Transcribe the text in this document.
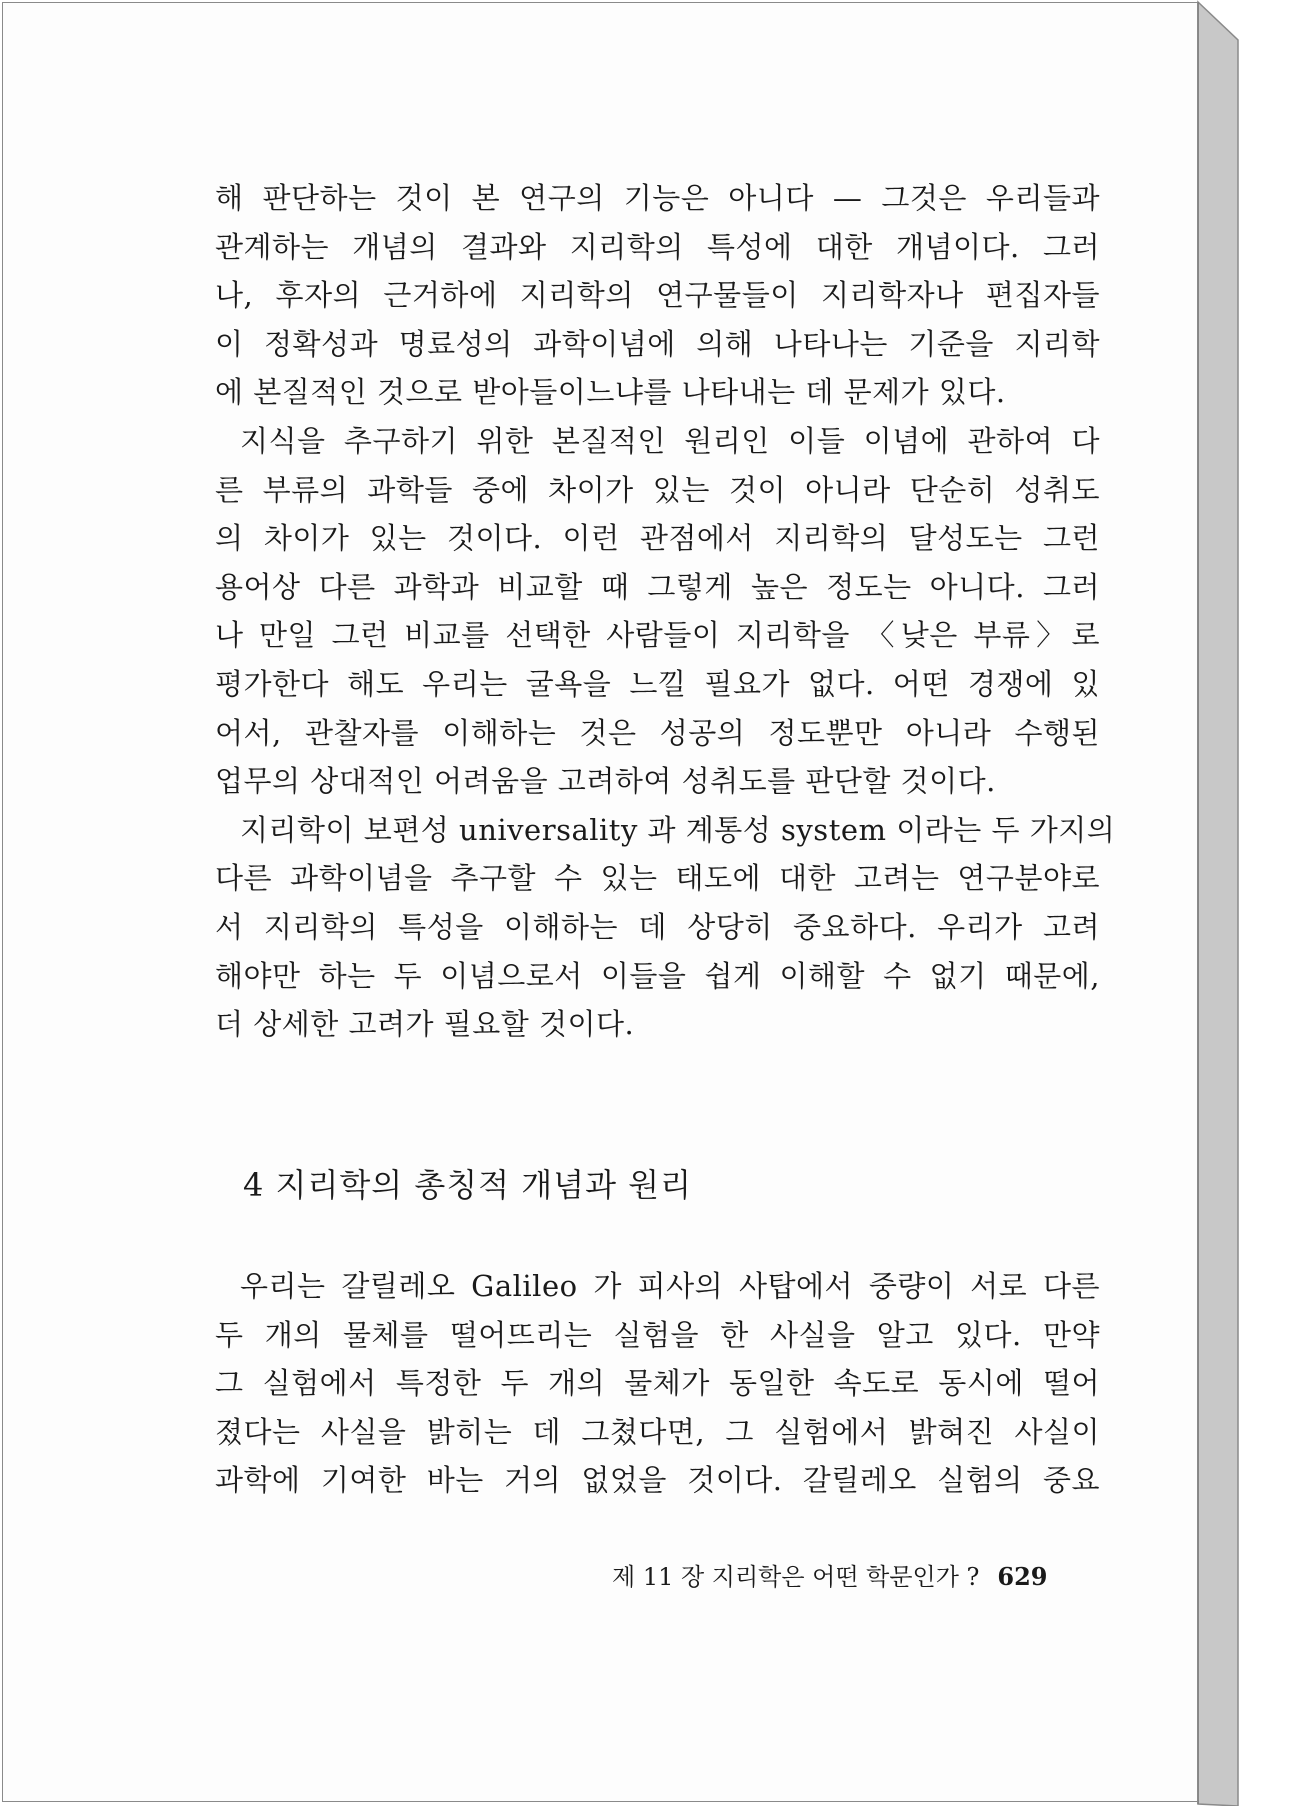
해 판단하는 것이 본 연구의 기능은 아니다 — 그것은 우리들과
관계하는 개념의 결과와 지리학의 특성에 대한 개념이다. 그러
나, 후자의 근거하에 지리학의 연구물들이 지리학자나 편집자들
이 정확성과 명료성의 과학이념에 의해 나타나는 기준을 지리학
에 본질적인 것으로 받아들이느냐를 나타내는 데 문제가 있다.
지식을 추구하기 위한 본질적인 원리인 이들 이념에 관하여 다
른 부류의 과학들 중에 차이가 있는 것이 아니라 단순히 성취도
의 차이가 있는 것이다. 이런 관점에서 지리학의 달성도는 그런
용어상 다른 과학과 비교할 때 그렇게 높은 정도는 아니다. 그러
나 만일 그런 비교를 선택한 사람들이 지리학을 〈낮은 부류〉로
평가한다 해도 우리는 굴욕을 느낄 필요가 없다. 어떤 경쟁에 있
어서, 관찰자를 이해하는 것은 성공의 정도뿐만 아니라 수행된
업무의 상대적인 어려움을 고려하여 성취도를 판단할 것이다.
지리학이 보편성 universality 과 계통성 system 이라는 두 가지의
다른 과학이념을 추구할 수 있는 태도에 대한 고려는 연구분야로
서 지리학의 특성을 이해하는 데 상당히 중요하다. 우리가 고려
해야만 하는 두 이념으로서 이들을 쉽게 이해할 수 없기 때문에,
더 상세한 고려가 필요할 것이다.
4 지리학의 총칭적 개념과 원리
우리는 갈릴레오 Galileo 가 피사의 사탑에서 중량이 서로 다른
두 개의 물체를 떨어뜨리는 실험을 한 사실을 알고 있다. 만약
그 실험에서 특정한 두 개의 물체가 동일한 속도로 동시에 떨어
졌다는 사실을 밝히는 데 그쳤다면, 그 실험에서 밝혀진 사실이
과학에 기여한 바는 거의 없었을 것이다. 갈릴레오 실험의 중요
제 11 장 지리학은 어떤 학문인가 ? 629
